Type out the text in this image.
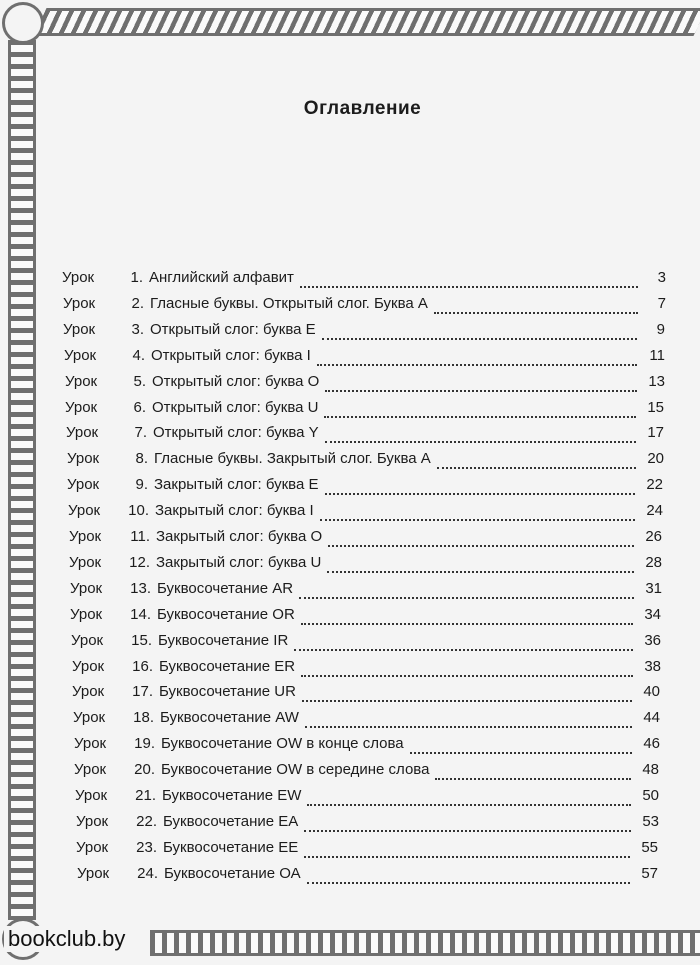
Оглавление
Урок	1. Английский алфавит	3
Урок	2. Гласные буквы. Открытый слог. Буква А	7
Урок	3. Открытый слог: буква Е	9
Урок	4. Открытый слог: буква I	11
Урок	5. Открытый слог: буква О	13
Урок	6. Открытый слог: буква U	15
Урок	7. Открытый слог: буква Y	17
Урок	8. Гласные буквы. Закрытый слог. Буква А	20
Урок	9. Закрытый слог: буква Е	22
Урок	10. Закрытый слог: буква I	24
Урок	11. Закрытый слог: буква О	26
Урок	12. Закрытый слог: буква U	28
Урок	13. Буквосочетание AR	31
Урок	14. Буквосочетание OR	34
Урок	15. Буквосочетание IR	36
Урок	16. Буквосочетание ER	38
Урок	17. Буквосочетание UR	40
Урок	18. Буквосочетание AW	44
Урок	19. Буквосочетание OW в конце слова	46
Урок	20. Буквосочетание OW в середине слова	48
Урок	21. Буквосочетание EW	50
Урок	22. Буквосочетание ЕА	53
Урок	23. Буквосочетание ЕЕ	55
Урок	24. Буквосочетание ОА	57
bookclub.by
